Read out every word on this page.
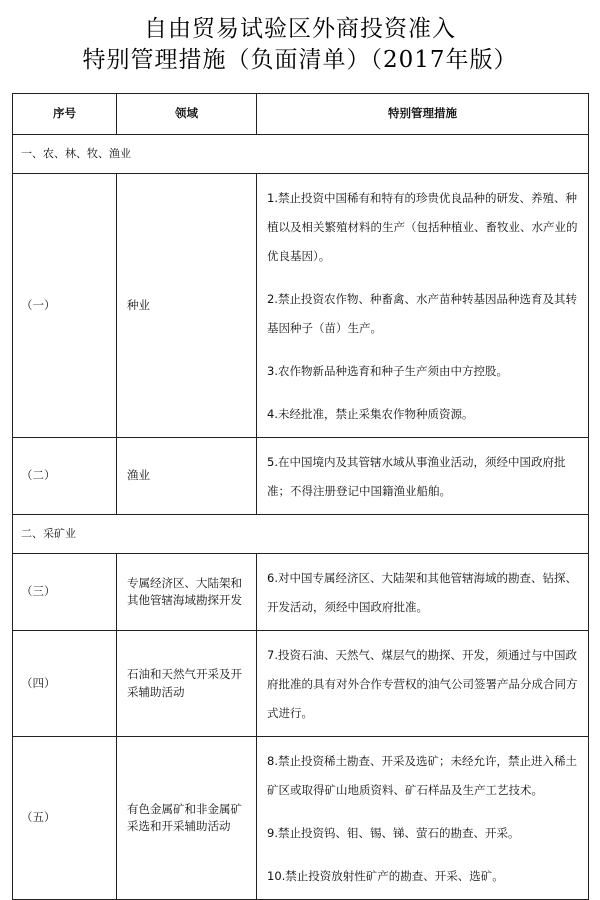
自由贸易试验区外商投资准入
特别管理措施（负面清单）（2017年版）
序号	领域	特别管理措施
一、农、林、牧、渔业		
（一）	种业	1.禁止投资中国稀有和特有的珍贵优良品种的研发、养殖、种植以及相关繁殖材料的生产（包括种植业、畜牧业、水产业的优良基因）。

2.禁止投资农作物、种畜禽、水产苗种转基因品种选育及其转基因种子（苗）生产。

3.农作物新品种选育和种子生产须由中方控股。

4.未经批准，禁止采集农作物种质资源。

（二）	渔业	5.在中国境内及其管辖水域从事渔业活动，须经中国政府批准；不得注册登记中国籍渔业船舶。

二、采矿业		
（三）	专属经济区、大陆架和其他管辖海域勘探开发	6.对中国专属经济区、大陆架和其他管辖海域的勘查、钻探、开发活动，须经中国政府批准。

（四）	石油和天然气开采及开采辅助活动	7.投资石油、天然气、煤层气的勘探、开发，须通过与中国政府批准的具有对外合作专营权的油气公司签署产品分成合同方式进行。

（五）	有色金属矿和非金属矿采选和开采辅助活动	8.禁止投资稀土勘查、开采及选矿；未经允许，禁止进入稀土矿区或取得矿山地质资料、矿石样品及生产工艺技术。

9.禁止投资钨、钼、锡、锑、萤石的勘查、开采。

10.禁止投资放射性矿产的勘查、开采、选矿。
